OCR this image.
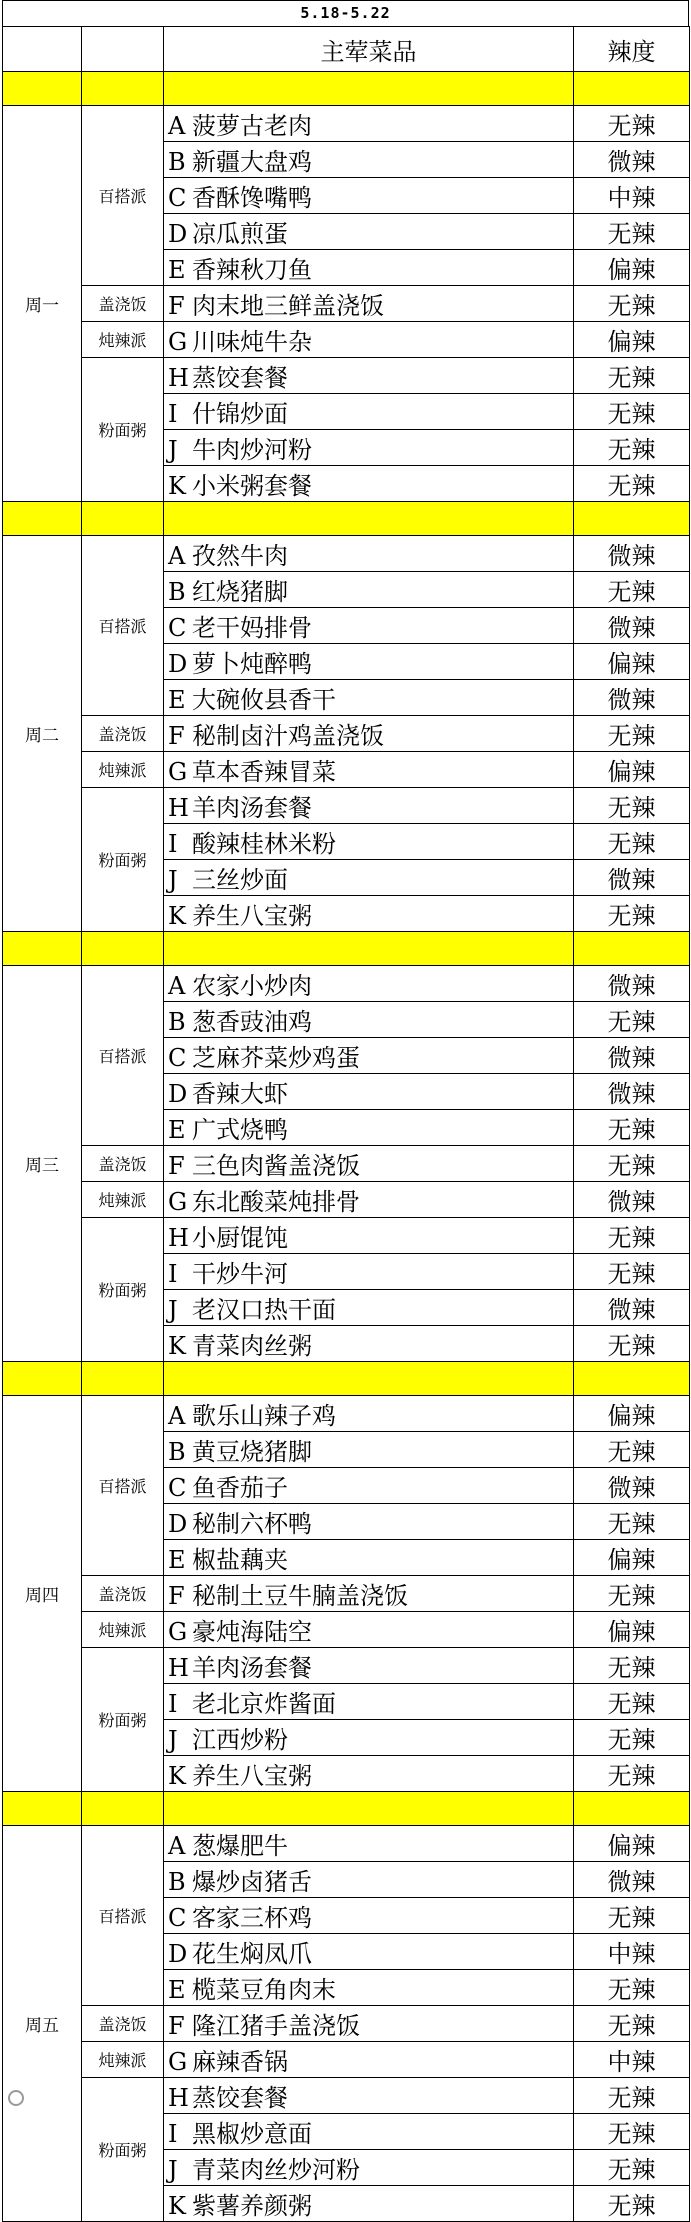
5.18-5.22
		主荤菜品	辣度

周一	百搭派	A 菠萝古老肉	无辣
		B 新疆大盘鸡	微辣
		C 香酥馋嘴鸭	中辣
		D 凉瓜煎蛋	无辣
		E 香辣秋刀鱼	偏辣
	盖浇饭	F 肉末地三鲜盖浇饭	无辣
	炖辣派	G 川味炖牛杂	偏辣
	粉面粥	H 蒸饺套餐	无辣
		I 什锦炒面	无辣
		J 牛肉炒河粉	无辣
		K 小米粥套餐	无辣

周二	百搭派	A 孜然牛肉	微辣
		B 红烧猪脚	无辣
		C 老干妈排骨	微辣
		D 萝卜炖醉鸭	偏辣
		E 大碗攸县香干	微辣
	盖浇饭	F 秘制卤汁鸡盖浇饭	无辣
	炖辣派	G 草本香辣冒菜	偏辣
	粉面粥	H 羊肉汤套餐	无辣
		I 酸辣桂林米粉	无辣
		J 三丝炒面	微辣
		K 养生八宝粥	无辣

周三	百搭派	A 农家小炒肉	微辣
		B 葱香豉油鸡	无辣
		C 芝麻芥菜炒鸡蛋	微辣
		D 香辣大虾	微辣
		E 广式烧鸭	无辣
	盖浇饭	F 三色肉酱盖浇饭	无辣
	炖辣派	G 东北酸菜炖排骨	微辣
	粉面粥	H 小厨馄饨	无辣
		I 干炒牛河	无辣
		J 老汉口热干面	微辣
		K 青菜肉丝粥	无辣

周四	百搭派	A 歌乐山辣子鸡	偏辣
		B 黄豆烧猪脚	无辣
		C 鱼香茄子	微辣
		D 秘制六杯鸭	无辣
		E 椒盐藕夹	偏辣
	盖浇饭	F 秘制土豆牛腩盖浇饭	无辣
	炖辣派	G 豪炖海陆空	偏辣
	粉面粥	H 羊肉汤套餐	无辣
		I 老北京炸酱面	无辣
		J 江西炒粉	无辣
		K 养生八宝粥	无辣

周五	百搭派	A 葱爆肥牛	偏辣
		B 爆炒卤猪舌	微辣
		C 客家三杯鸡	无辣
		D 花生焖凤爪	中辣
		E 榄菜豆角肉末	无辣
	盖浇饭	F 隆江猪手盖浇饭	无辣
	炖辣派	G 麻辣香锅	中辣
	粉面粥	H 蒸饺套餐	无辣
		I 黑椒炒意面	无辣
		J 青菜肉丝炒河粉	无辣
		K 紫薯养颜粥	无辣
